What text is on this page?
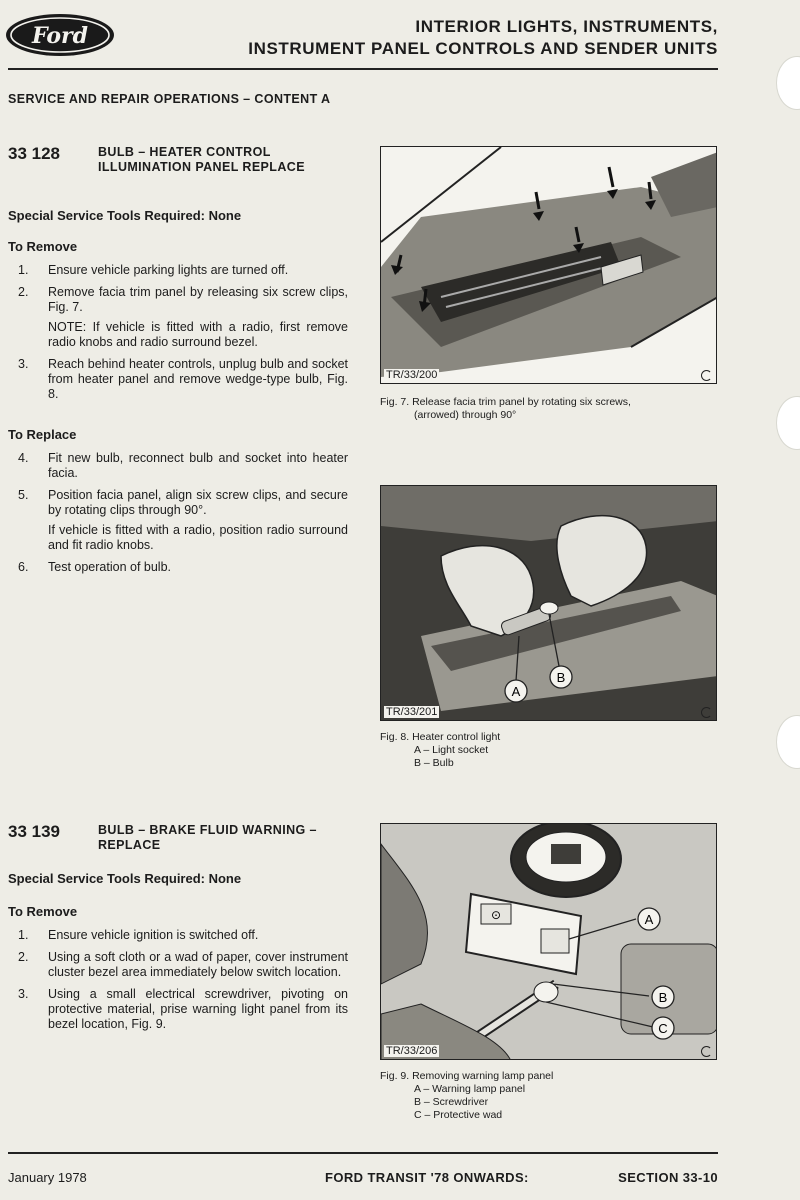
Ford	INTERIOR LIGHTS, INSTRUMENTS,
INSTRUMENT PANEL CONTROLS AND SENDER UNITS
SERVICE AND REPAIR OPERATIONS – CONTENT A
33 128	BULB – HEATER CONTROL ILLUMINATION PANEL REPLACE
Special Service Tools Required: None
To Remove
1.	Ensure vehicle parking lights are turned off.
2.	Remove facia trim panel by releasing six screw clips, Fig. 7.
NOTE: If vehicle is fitted with a radio, first remove radio knobs and radio surround bezel.
3.	Reach behind heater controls, unplug bulb and socket from heater panel and remove wedge-type bulb, Fig. 8.
To Replace
4.	Fit new bulb, reconnect bulb and socket into heater facia.
5.	Position facia panel, align six screw clips, and secure by rotating clips through 90°.
If vehicle is fitted with a radio, position radio surround and fit radio knobs.
6.	Test operation of bulb.
33 139	BULB – BRAKE FLUID WARNING – REPLACE
Special Service Tools Required: None
To Remove
1.	Ensure vehicle ignition is switched off.
2.	Using a soft cloth or a wad of paper, cover instrument cluster bezel area immediately below switch location.
3.	Using a small electrical screwdriver, pivoting on protective material, prise warning light panel from its bezel location, Fig. 9.
TR/33/200
Fig. 7. Release facia trim panel by rotating six screws,
(arrowed) through 90°
A
B
TR/33/201
Fig. 8. Heater control light
A – Light socket
B – Bulb
⊙	A
B
C
TR/33/206
Fig. 9. Removing warning lamp panel
A – Warning lamp panel
B – Screwdriver
C – Protective wad
January 1978	FORD TRANSIT '78 ONWARDS:	SECTION 33-10
